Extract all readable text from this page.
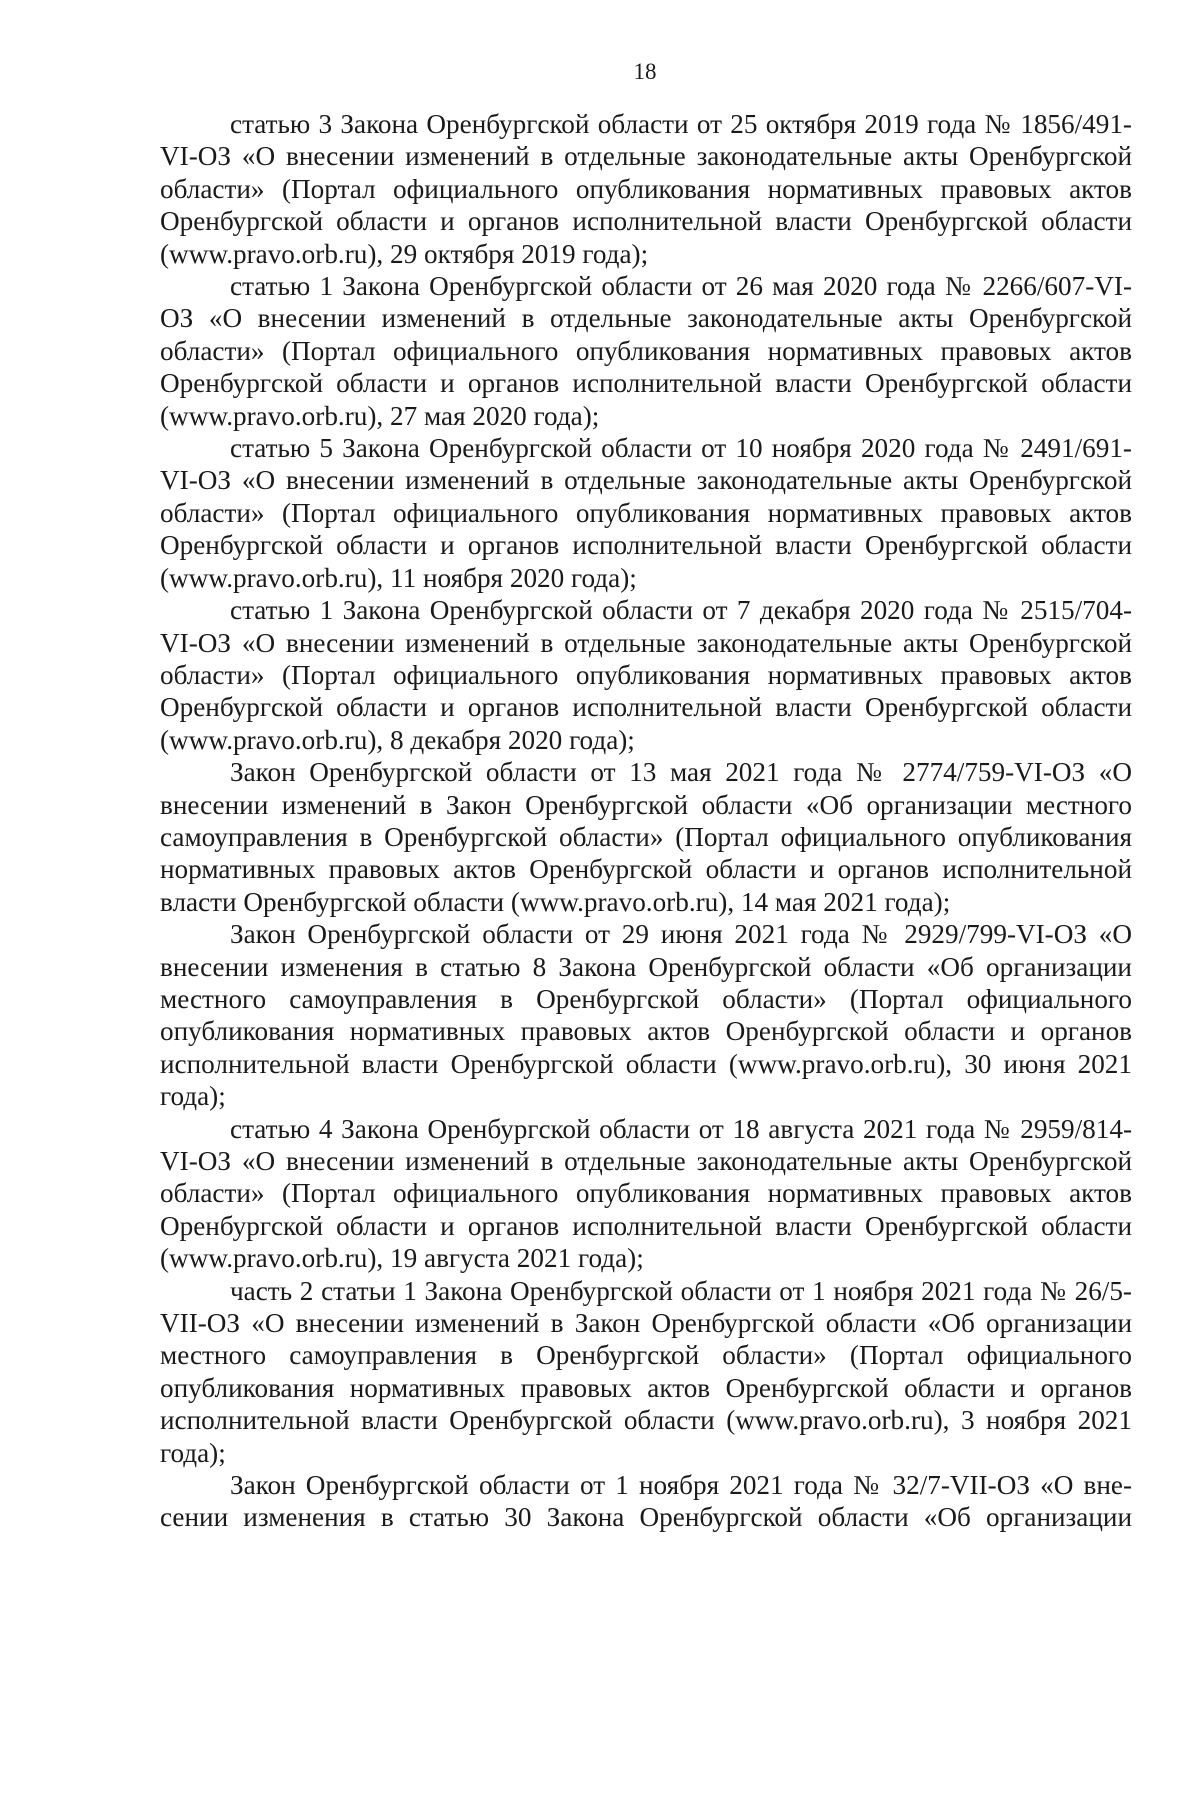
18

статью 3 Закона Оренбургской области от 25 октября 2019 года № 1856/491-VI-ОЗ «О внесении изменений в отдельные законодательные акты Оренбургской области» (Портал официального опубликования нормативных правовых актов Оренбургской области и органов исполнительной власти Оренбургской области (www.pravo.orb.ru), 29 октября 2019 года);

статью 1 Закона Оренбургской области от 26 мая 2020 года № 2266/607-VI-ОЗ «О внесении изменений в отдельные законодательные акты Оренбургской области» (Портал официального опубликования нормативных правовых актов Оренбургской области и органов исполнительной власти Оренбургской области (www.pravo.orb.ru), 27 мая 2020 года);

статью 5 Закона Оренбургской области от 10 ноября 2020 года № 2491/691-VI-ОЗ «О внесении изменений в отдельные законодательные акты Оренбургской области» (Портал официального опубликования нормативных правовых актов Оренбургской области и органов исполнительной власти Оренбургской области (www.pravo.orb.ru), 11 ноября 2020 года);

статью 1 Закона Оренбургской области от 7 декабря 2020 года № 2515/704-VI-ОЗ «О внесении изменений в отдельные законодательные акты Оренбургской области» (Портал официального опубликования нормативных правовых актов Оренбургской области и органов исполнительной власти Оренбургской области (www.pravo.orb.ru), 8 декабря 2020 года);

Закон Оренбургской области от 13 мая 2021 года № 2774/759-VI-ОЗ «О внесении изменений в Закон Оренбургской области «Об организации местного самоуправления в Оренбургской области» (Портал официального опубликования нормативных правовых актов Оренбургской области и органов исполнительной власти Оренбургской области (www.pravo.orb.ru), 14 мая 2021 года);

Закон Оренбургской области от 29 июня 2021 года № 2929/799-VI-ОЗ «О внесении изменения в статью 8 Закона Оренбургской области «Об организации местного самоуправления в Оренбургской области» (Портал официального опубликования нормативных правовых актов Оренбургской области и органов исполнительной власти Оренбургской области (www.pravo.orb.ru), 30 июня 2021 года);

статью 4 Закона Оренбургской области от 18 августа 2021 года № 2959/814-VI-ОЗ «О внесении изменений в отдельные законодательные акты Оренбургской области» (Портал официального опубликования нормативных правовых актов Оренбургской области и органов исполнительной власти Оренбургской области (www.pravo.orb.ru), 19 августа 2021 года);

часть 2 статьи 1 Закона Оренбургской области от 1 ноября 2021 года № 26/5-VII-ОЗ «О внесении изменений в Закон Оренбургской области «Об организации местного самоуправления в Оренбургской области» (Портал официального опубликования нормативных правовых актов Оренбургской области и органов исполнительной власти Оренбургской области (www.pravo.orb.ru), 3 ноября 2021 года);

Закон Оренбургской области от 1 ноября 2021 года № 32/7-VII-ОЗ «О внесении изменения в статью 30 Закона Оренбургской области «Об организации
